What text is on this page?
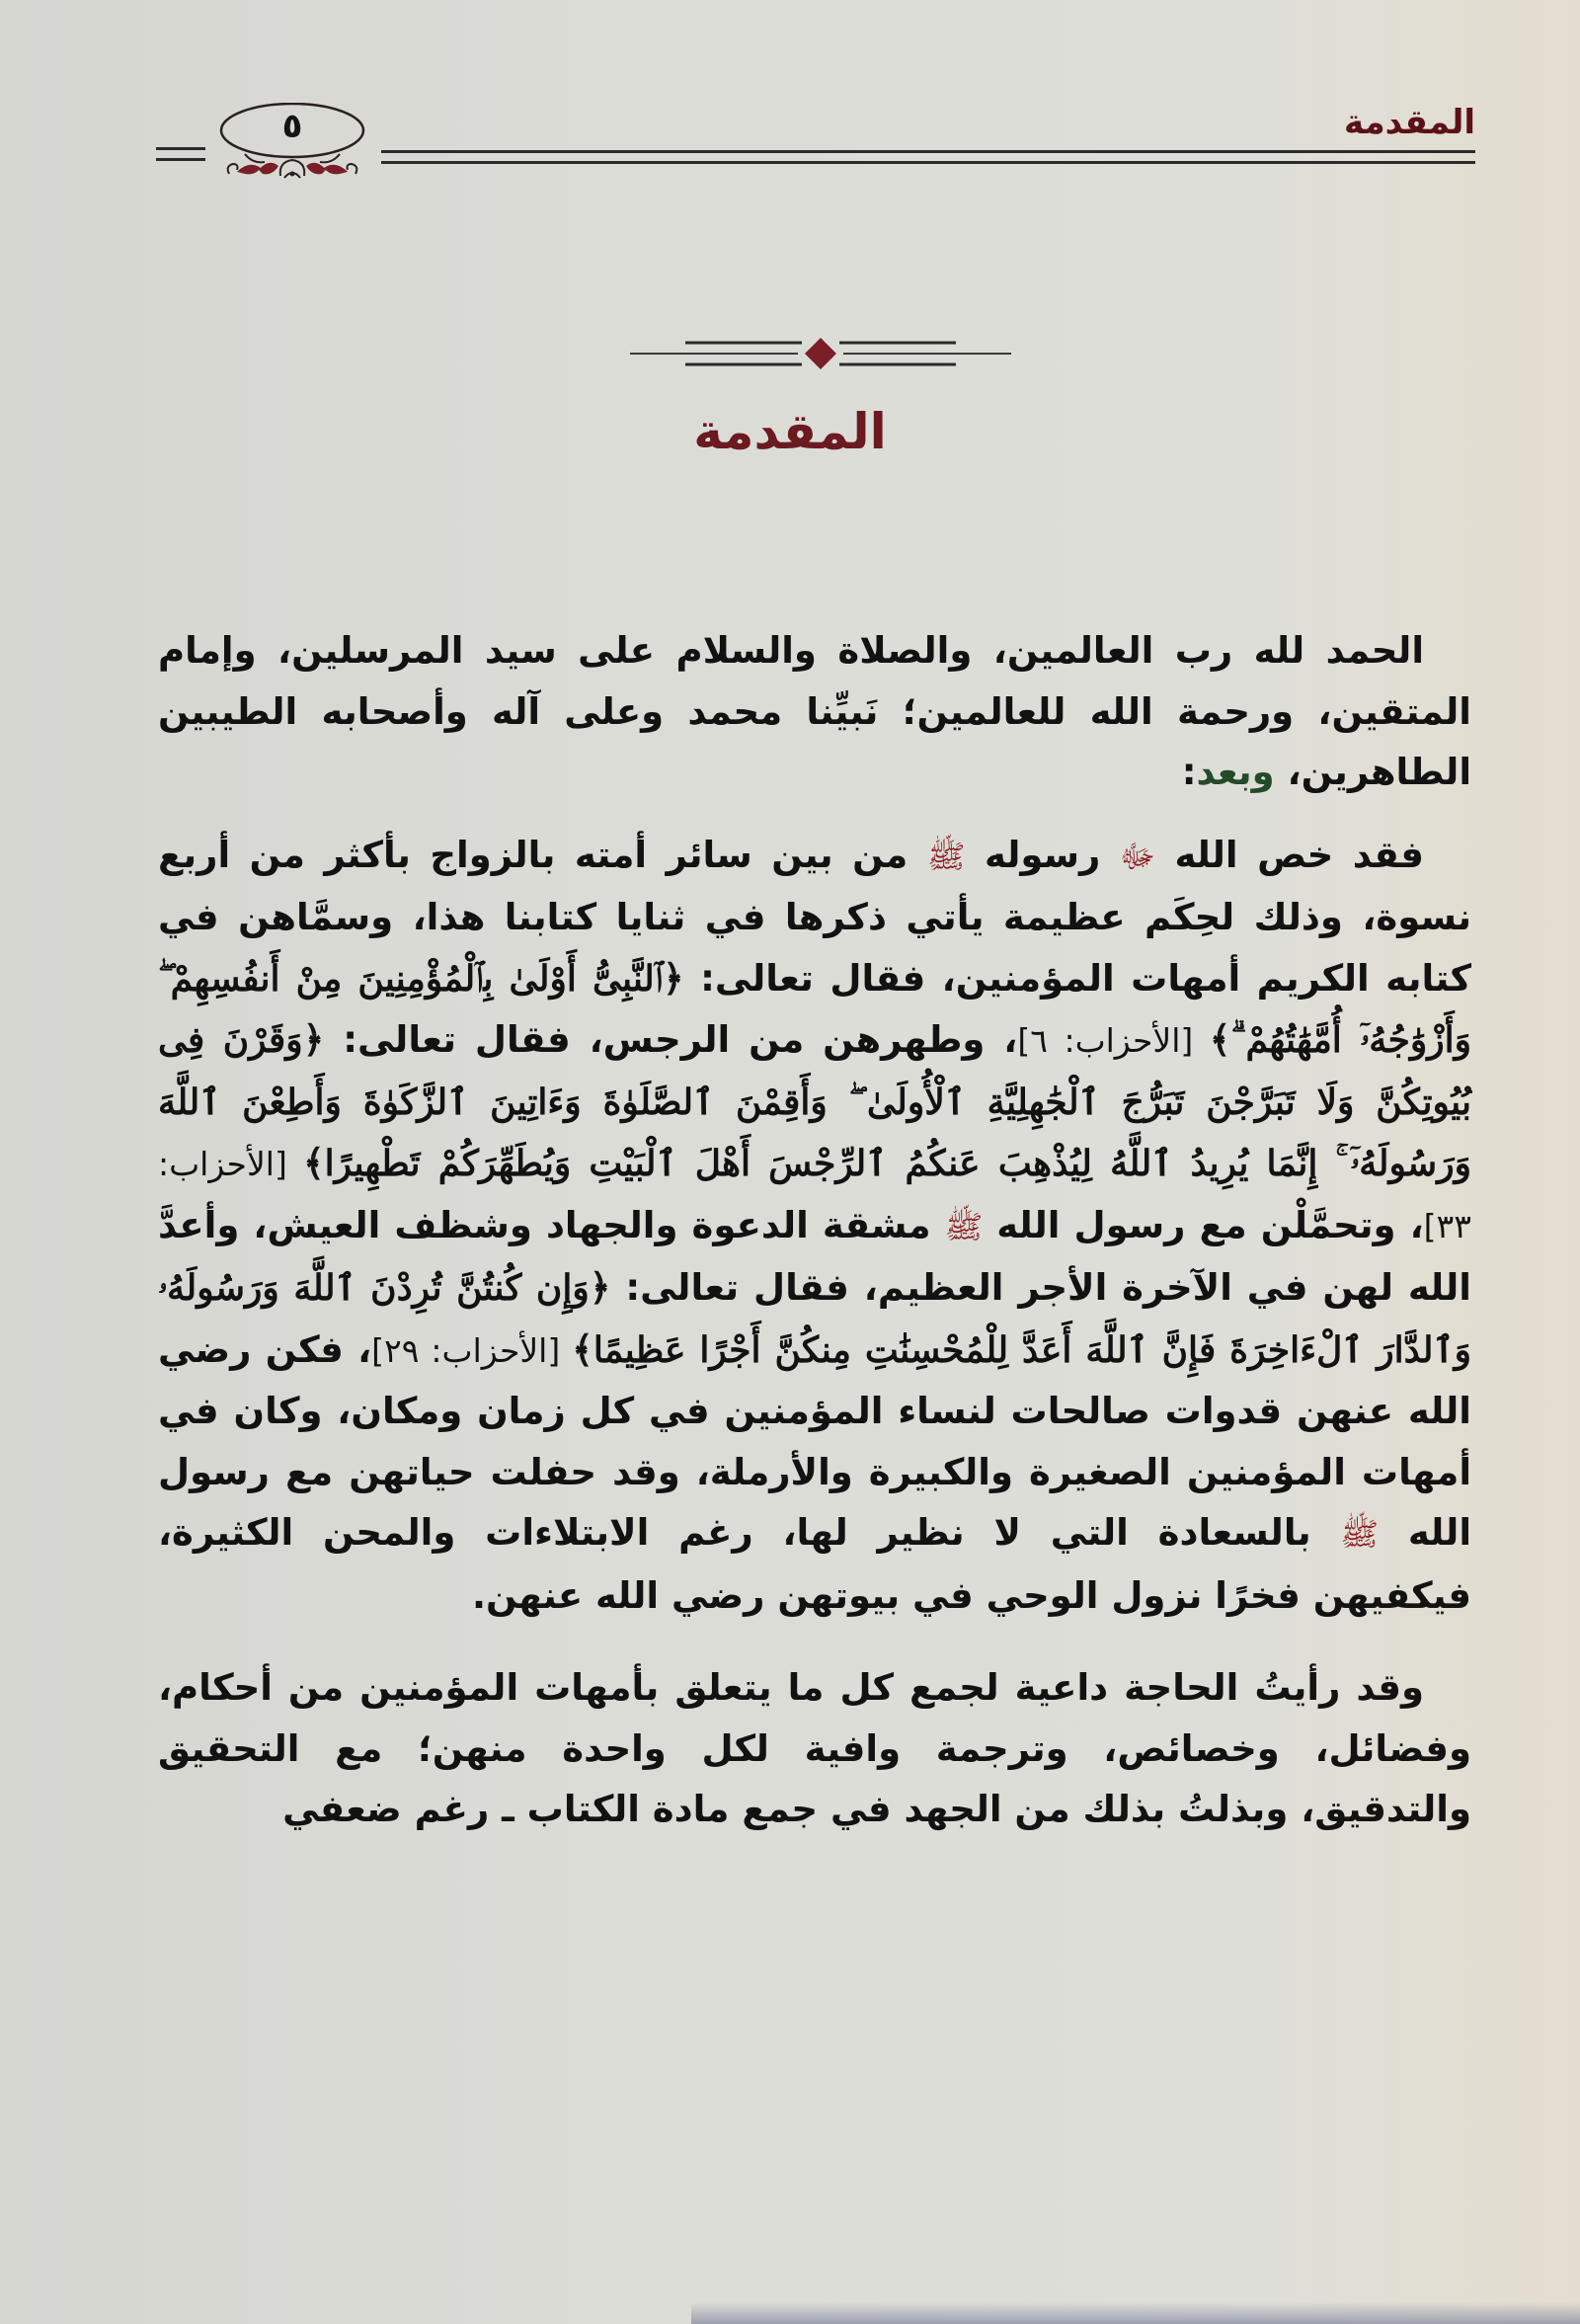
المقدمة
٥
المقدمة

الحمد لله رب العالمين، والصلاة والسلام على سيد المرسلين، وإمام المتقين، ورحمة الله للعالمين؛ نَبيِّنا محمد وعلى آله وأصحابه الطيبين الطاهرين، وبعد:

فقد خص الله ﷻ رسوله ﷺ من بين سائر أمته بالزواج بأكثر من أربع نسوة، وذلك لحِكَم عظيمة يأتي ذكرها في ثنايا كتابنا هذا، وسمَّاهن في كتابه الكريم أمهات المؤمنين، فقال تعالى: ﴿ٱلنَّبِىُّ أَوْلَىٰ بِٱلْمُؤْمِنِينَ مِنْ أَنفُسِهِمْ ۖ وَأَزْوَٰجُهُۥٓ أُمَّهَٰتُهُمْ ۗ﴾ [الأحزاب: ٦]، وطهرهن من الرجس، فقال تعالى: ﴿وَقَرْنَ فِى بُيُوتِكُنَّ وَلَا تَبَرَّجْنَ تَبَرُّجَ ٱلْجَٰهِلِيَّةِ ٱلْأُولَىٰ ۖ وَأَقِمْنَ ٱلصَّلَوٰةَ وَءَاتِينَ ٱلزَّكَوٰةَ وَأَطِعْنَ ٱللَّهَ وَرَسُولَهُۥٓ ۚ إِنَّمَا يُرِيدُ ٱللَّهُ لِيُذْهِبَ عَنكُمُ ٱلرِّجْسَ أَهْلَ ٱلْبَيْتِ وَيُطَهِّرَكُمْ تَطْهِيرًا﴾ [الأحزاب: ٣٣]، وتحمَّلْن مع رسول الله ﷺ مشقة الدعوة والجهاد وشظف العيش، وأعدَّ الله لهن في الآخرة الأجر العظيم، فقال تعالى: ﴿وَإِن كُنتُنَّ تُرِدْنَ ٱللَّهَ وَرَسُولَهُۥ وَٱلدَّارَ ٱلْءَاخِرَةَ فَإِنَّ ٱللَّهَ أَعَدَّ لِلْمُحْسِنَٰتِ مِنكُنَّ أَجْرًا عَظِيمًا﴾ [الأحزاب: ٢٩]، فكن رضي الله عنهن قدوات صالحات لنساء المؤمنين في كل زمان ومكان، وكان في أمهات المؤمنين الصغيرة والكبيرة والأرملة، وقد حفلت حياتهن مع رسول الله ﷺ بالسعادة التي لا نظير لها، رغم الابتلاءات والمحن الكثيرة، فيكفيهن فخرًا نزول الوحي في بيوتهن رضي الله عنهن.

وقد رأيتُ الحاجة داعية لجمع كل ما يتعلق بأمهات المؤمنين من أحكام، وفضائل، وخصائص، وترجمة وافية لكل واحدة منهن؛ مع التحقيق والتدقيق، وبذلتُ بذلك من الجهد في جمع مادة الكتاب ـ رغم ضعفي
